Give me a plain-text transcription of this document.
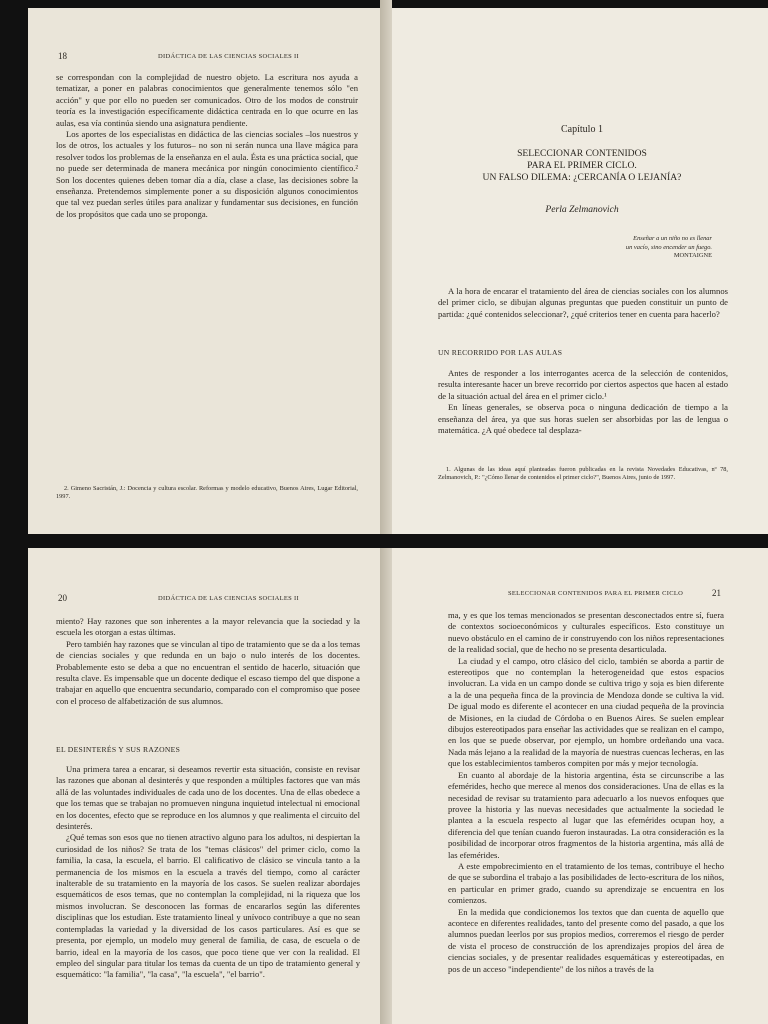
18	DIDÁCTICA DE LAS CIENCIAS SOCIALES II

se correspondan con la complejidad de nuestro objeto. La escritura nos ayuda a tematizar, a poner en palabras conocimientos que generalmente tenemos sólo "en acción" y que por ello no pueden ser comunicados. Otro de los modos de construir teoría es la investigación específicamente didáctica centrada en lo que ocurre en las aulas, esa vía continúa siendo una asignatura pendiente.

Los aportes de los especialistas en didáctica de las ciencias sociales –los nuestros y los de otros, los actuales y los futuros– no son ni serán nunca una llave mágica para resolver todos los problemas de la enseñanza en el aula. Ésta es una práctica social, que no puede ser determinada de manera mecánica por ningún conocimiento científico.² Son los docentes quienes deben tomar día a día, clase a clase, las decisiones sobre la enseñanza. Pretendemos simplemente poner a su disposición algunos conocimientos que tal vez puedan serles útiles para analizar y fundamentar sus decisiones, en función de los propósitos que cada uno se proponga.

2. Gimeno Sacristán, J.: Docencia y cultura escolar. Reformas y modelo educativo, Buenos Aires, Lugar Editorial, 1997.

Capítulo 1
SELECCIONAR CONTENIDOS
PARA EL PRIMER CICLO.
UN FALSO DILEMA: ¿CERCANÍA O LEJANÍA?
Perla Zelmanovich
Enseñar a un niño no es llenar
un vacío, sino encender un fuego.
MONTAIGNE

A la hora de encarar el tratamiento del área de ciencias sociales con los alumnos del primer ciclo, se dibujan algunas preguntas que pueden constituir un punto de partida: ¿qué contenidos seleccionar?, ¿qué criterios tener en cuenta para hacerlo?

UN RECORRIDO POR LAS AULAS

Antes de responder a los interrogantes acerca de la selección de contenidos, resulta interesante hacer un breve recorrido por ciertos aspectos que hacen al estado de la situación actual del área en el primer ciclo.¹

En líneas generales, se observa poca o ninguna dedicación de tiempo a la enseñanza del área, ya que sus horas suelen ser absorbidas por las de lengua o matemática. ¿A qué obedece tal desplaza-

1. Algunas de las ideas aquí planteadas fueron publicadas en la revista Novedades Educativas, nº 78, Zelmanovich, P.: "¿Cómo llenar de contenidos el primer ciclo?", Buenos Aires, junio de 1997.

20	DIDÁCTICA DE LAS CIENCIAS SOCIALES II

miento? Hay razones que son inherentes a la mayor relevancia que la sociedad y la escuela les otorgan a estas últimas.

Pero también hay razones que se vinculan al tipo de tratamiento que se da a los temas de ciencias sociales y que redunda en un bajo o nulo interés de los docentes. Probablemente esto se deba a que no encuentran el sentido de hacerlo, situación que resulta clave. Es impensable que un docente dedique el escaso tiempo del que dispone a trabajar en aquello que encuentra secundario, comparado con el compromiso que posee con el proceso de alfabetización de sus alumnos.

EL DESINTERÉS Y SUS RAZONES

Una primera tarea a encarar, si deseamos revertir esta situación, consiste en revisar las razones que abonan al desinterés y que responden a múltiples factores que van más allá de las voluntades individuales de cada uno de los docentes. Una de ellas obedece a que los temas que se trabajan no promueven ninguna inquietud intelectual ni emocional en los docentes, efecto que se reproduce en los alumnos y que realimenta el circuito del desinterés.

¿Qué temas son esos que no tienen atractivo alguno para los adultos, ni despiertan la curiosidad de los niños? Se trata de los "temas clásicos" del primer ciclo, como la familia, la casa, la escuela, el barrio. El calificativo de clásico se vincula tanto a la permanencia de los mismos en la escuela a través del tiempo, como al carácter inalterable de su tratamiento en la mayoría de los casos. Se suelen realizar abordajes esquemáticos de esos temas, que no contemplan la complejidad, ni la riqueza que los mismos involucran. Se desconocen las formas de encararlos según las diferentes disciplinas que los estudian. Este tratamiento lineal y unívoco contribuye a que no sean contempladas la variedad y la diversidad de los casos particulares. Así es que se presenta, por ejemplo, un modelo muy general de familia, de casa, de escuela o de barrio, ideal en la mayoría de los casos, que poco tiene que ver con la realidad. El empleo del singular para titular los temas da cuenta de un tipo de tratamiento general y esquemático: "la familia", "la casa", "la escuela", "el barrio".

SELECCIONAR CONTENIDOS PARA EL PRIMER CICLO	21

ma, y es que los temas mencionados se presentan desconectados entre sí, fuera de contextos socioeconómicos y culturales específicos. Esto constituye un nuevo obstáculo en el camino de ir construyendo con los niños representaciones de la realidad social, que de hecho no se presenta desarticulada.

La ciudad y el campo, otro clásico del ciclo, también se aborda a partir de estereotipos que no contemplan la heterogeneidad que estos espacios involucran. La vida en un campo donde se cultiva trigo y soja es bien diferente a la de una pequeña finca de la provincia de Mendoza donde se cultiva la vid. De igual modo es diferente el acontecer en una ciudad pequeña de la provincia de Misiones, en la ciudad de Córdoba o en Buenos Aires. Se suelen emplear dibujos estereotipados para enseñar las actividades que se realizan en el campo, en los que se puede observar, por ejemplo, un hombre ordeñando una vaca. Nada más lejano a la realidad de la mayoría de nuestras cuencas lecheras, en las que los establecimientos tamberos compiten por más y mejor tecnología.

En cuanto al abordaje de la historia argentina, ésta se circunscribe a las efemérides, hecho que merece al menos dos consideraciones. Una de ellas es la necesidad de revisar su tratamiento para adecuarlo a los nuevos enfoques que provee la historia y las nuevas necesidades que actualmente la sociedad le plantea a la escuela respecto al lugar que las efemérides ocupan hoy, a diferencia del que tenían cuando fueron instauradas. La otra consideración es la posibilidad de incorporar otros fragmentos de la historia argentina, más allá de las efemérides.

A este empobrecimiento en el tratamiento de los temas, contribuye el hecho de que se subordina el trabajo a las posibilidades de lecto-escritura de los niños, en particular en primer grado, cuando su aprendizaje se encuentra en los comienzos.

En la medida que condicionemos los textos que dan cuenta de aquello que acontece en diferentes realidades, tanto del presente como del pasado, a que los alumnos puedan leerlos por sus propios medios, correremos el riesgo de perder de vista el proceso de construcción de los aprendizajes propios del área de ciencias sociales, y de presentar realidades esquemáticas y estereotipadas, en pos de un acceso "independiente" de los niños a través de la
